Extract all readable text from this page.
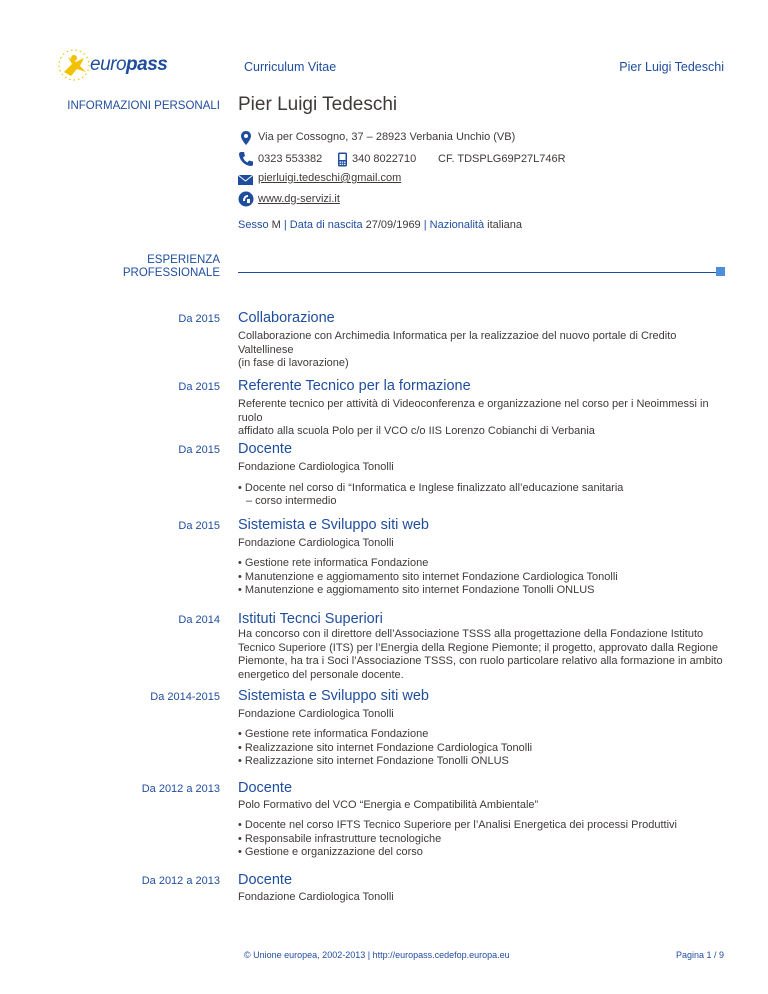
europass	Curriculum Vitae	Pier Luigi Tedeschi
INFORMAZIONI PERSONALI Pier Luigi Tedeschi
Via per Cossogno, 37 – 28923 Verbania Unchio (VB)
0323 553382	340 8022710 CF. TDSPLG69P27L746R
pierluigi.tedeschi@gmail.com
www.dg-servizi.it
Sesso M | Data di nascita 27/09/1969 | Nazionalità italiana
ESPERIENZA
PROFESSIONALE
Da 2015 Collaborazione
Collaborazione con Archimedia Informatica per la realizzazioe del nuovo portale di Credito Valtellinese
(in fase di lavorazione)
Da 2015 Referente Tecnico per la formazione
Referente tecnico per attività di Videoconferenza e organizzazione nel corso per i Neoimmessi in ruolo
affidato alla scuola Polo per il VCO c/o IIS Lorenzo Cobianchi di Verbania
Da 2015 Docente
Fondazione Cardiologica Tonolli
• Docente nel corso di “Informatica e Inglese finalizzato all’educazione sanitaria
– corso intermedio
Da 2015 Sistemista e Sviluppo siti web
Fondazione Cardiologica Tonolli
• Gestione rete informatica Fondazione
• Manutenzione e aggiomamento sito internet Fondazione Cardiologica Tonolli
• Manutenzione e aggiomamento sito internet Fondazione Tonolli ONLUS
Da 2014 Istituti Tecnci Superiori
Ha concorso con il direttore dell’Associazione TSSS alla progettazione della Fondazione Istituto
Tecnico Superiore (ITS) per l’Energia della Regione Piemonte; il progetto, approvato dalla Regione
Piemonte, ha tra i Soci l’Associazione TSSS, con ruolo particolare relativo alla formazione in ambito
energetico del personale docente.
Da 2014-2015 Sistemista e Sviluppo siti web
Fondazione Cardiologica Tonolli
• Gestione rete informatica Fondazione
• Realizzazione sito internet Fondazione Cardiologica Tonolli
• Realizzazione sito internet Fondazione Tonolli ONLUS
Da 2012 a 2013 Docente
Polo Formativo del VCO “Energia e Compatibilità Ambientale”
• Docente nel corso IFTS Tecnico Superiore per l’Analisi Energetica dei processi Produttivi
• Responsabile infrastrutture tecnologiche
• Gestione e organizzazione del corso
Da 2012 a 2013 Docente
Fondazione Cardiologica Tonolli
© Unione europea, 2002-2013 | http://europass.cedefop.europa.eu	Pagina 1 / 9
